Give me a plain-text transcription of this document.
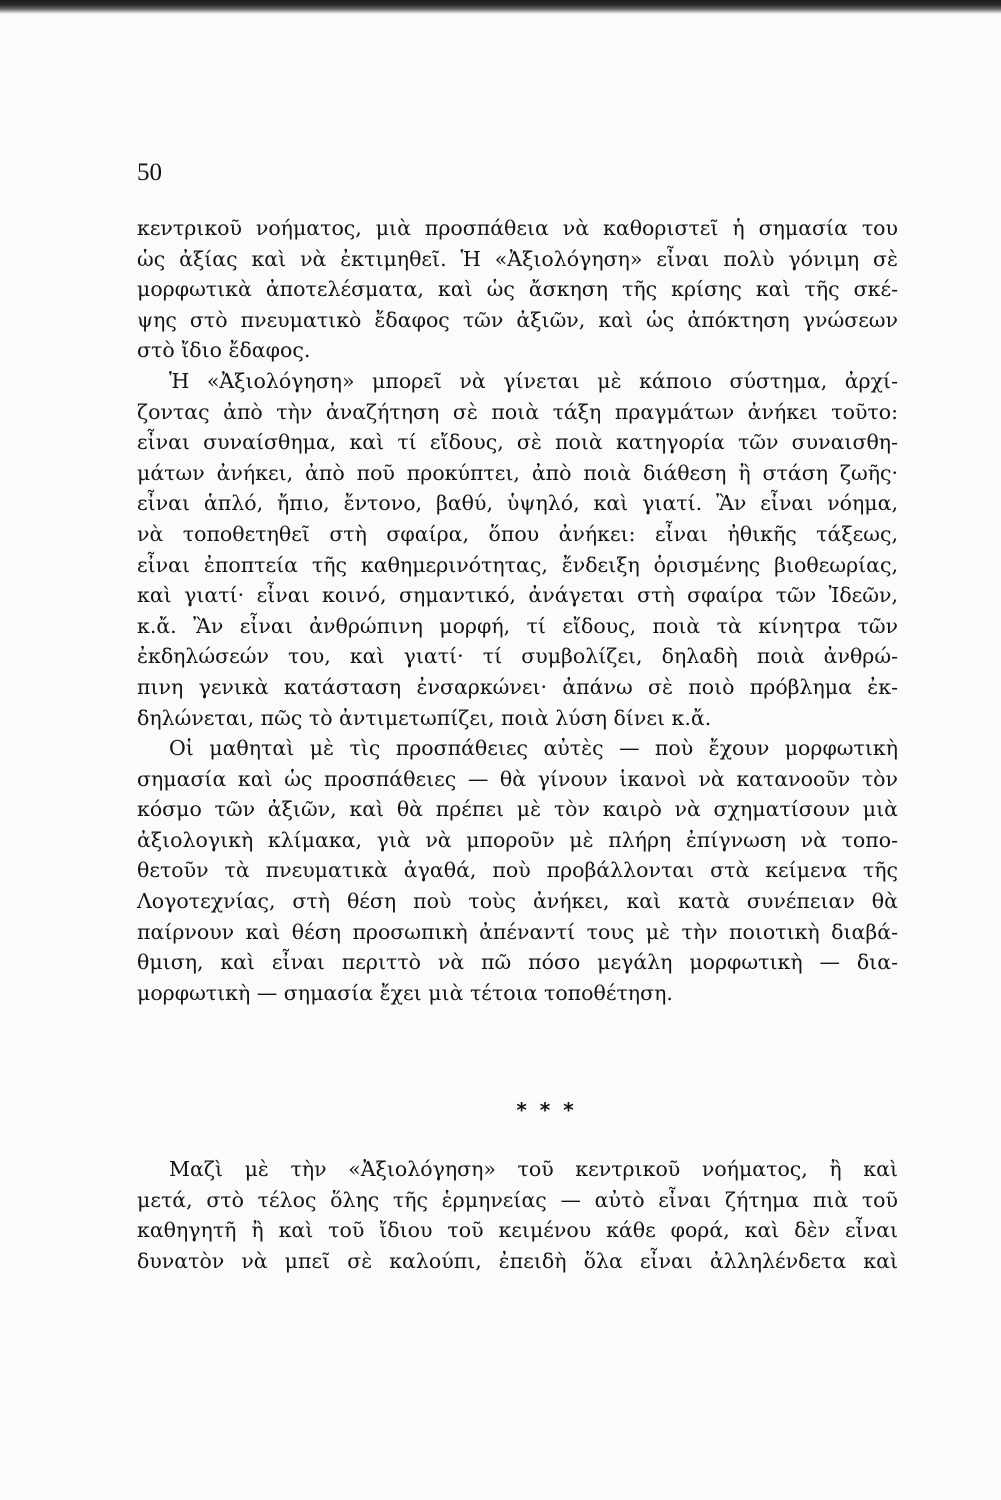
50
κεντρικοῦ νοήματος, μιὰ προσπάθεια νὰ καθοριστεῖ ἡ σημασία του
ὡς ἀξίας καὶ νὰ ἐκτιμηθεῖ. Ἡ «Ἀξιολόγηση» εἶναι πολὺ γόνιμη σὲ
μορφωτικὰ ἀποτελέσματα, καὶ ὡς ἄσκηση τῆς κρίσης καὶ τῆς σκέ-
ψης στὸ πνευματικὸ ἔδαφος τῶν ἀξιῶν, καὶ ὡς ἀπόκτηση γνώσεων
στὸ ἴδιο ἔδαφος.
Ἡ «Ἀξιολόγηση» μπορεῖ νὰ γίνεται μὲ κάποιο σύστημα, ἀρχί-
ζοντας ἀπὸ τὴν ἀναζήτηση σὲ ποιὰ τάξη πραγμάτων ἀνήκει τοῦτο:
εἶναι συναίσθημα, καὶ τί εἴδους, σὲ ποιὰ κατηγορία τῶν συναισθη-
μάτων ἀνήκει, ἀπὸ ποῦ προκύπτει, ἀπὸ ποιὰ διάθεση ἢ στάση ζωῆς·
εἶναι ἁπλό, ἤπιο, ἔντονο, βαθύ, ὑψηλό, καὶ γιατί. Ἂν εἶναι νόημα,
νὰ τοποθετηθεῖ στὴ σφαίρα, ὅπου ἀνήκει: εἶναι ἠθικῆς τάξεως,
εἶναι ἐποπτεία τῆς καθημερινότητας, ἔνδειξη ὁρισμένης βιοθεωρίας,
καὶ γιατί· εἶναι κοινό, σημαντικό, ἀνάγεται στὴ σφαίρα τῶν Ἰδεῶν,
κ.ἄ. Ἂν εἶναι ἀνθρώπινη μορφή, τί εἴδους, ποιὰ τὰ κίνητρα τῶν
ἐκδηλώσεών του, καὶ γιατί· τί συμβολίζει, δηλαδὴ ποιὰ ἀνθρώ-
πινη γενικὰ κατάσταση ἐνσαρκώνει· ἀπάνω σὲ ποιὸ πρόβλημα ἐκ-
δηλώνεται, πῶς τὸ ἀντιμετωπίζει, ποιὰ λύση δίνει κ.ἄ.
Οἱ μαθηταὶ μὲ τὶς προσπάθειες αὐτὲς — ποὺ ἔχουν μορφωτικὴ
σημασία καὶ ὡς προσπάθειες — θὰ γίνουν ἱκανοὶ νὰ κατανοοῦν τὸν
κόσμο τῶν ἀξιῶν, καὶ θὰ πρέπει μὲ τὸν καιρὸ νὰ σχηματίσουν μιὰ
ἀξιολογικὴ κλίμακα, γιὰ νὰ μποροῦν μὲ πλήρη ἐπίγνωση νὰ τοπο-
θετοῦν τὰ πνευματικὰ ἀγαθά, ποὺ προβάλλονται στὰ κείμενα τῆς
Λογοτεχνίας, στὴ θέση ποὺ τοὺς ἀνήκει, καὶ κατὰ συνέπειαν θὰ
παίρνουν καὶ θέση προσωπικὴ ἀπέναντί τους μὲ τὴν ποιοτικὴ διαβά-
θμιση, καὶ εἶναι περιττὸ νὰ πῶ πόσο μεγάλη μορφωτικὴ — δια-
μορφωτικὴ — σημασία ἔχει μιὰ τέτοια τοποθέτηση.
* * *
Μαζὶ μὲ τὴν «Ἀξιολόγηση» τοῦ κεντρικοῦ νοήματος, ἢ καὶ
μετά, στὸ τέλος ὅλης τῆς ἑρμηνείας — αὐτὸ εἶναι ζήτημα πιὰ τοῦ
καθηγητῆ ἢ καὶ τοῦ ἴδιου τοῦ κειμένου κάθε φορά, καὶ δὲν εἶναι
δυνατὸν νὰ μπεῖ σὲ καλούπι, ἐπειδὴ ὅλα εἶναι ἀλληλένδετα καὶ
